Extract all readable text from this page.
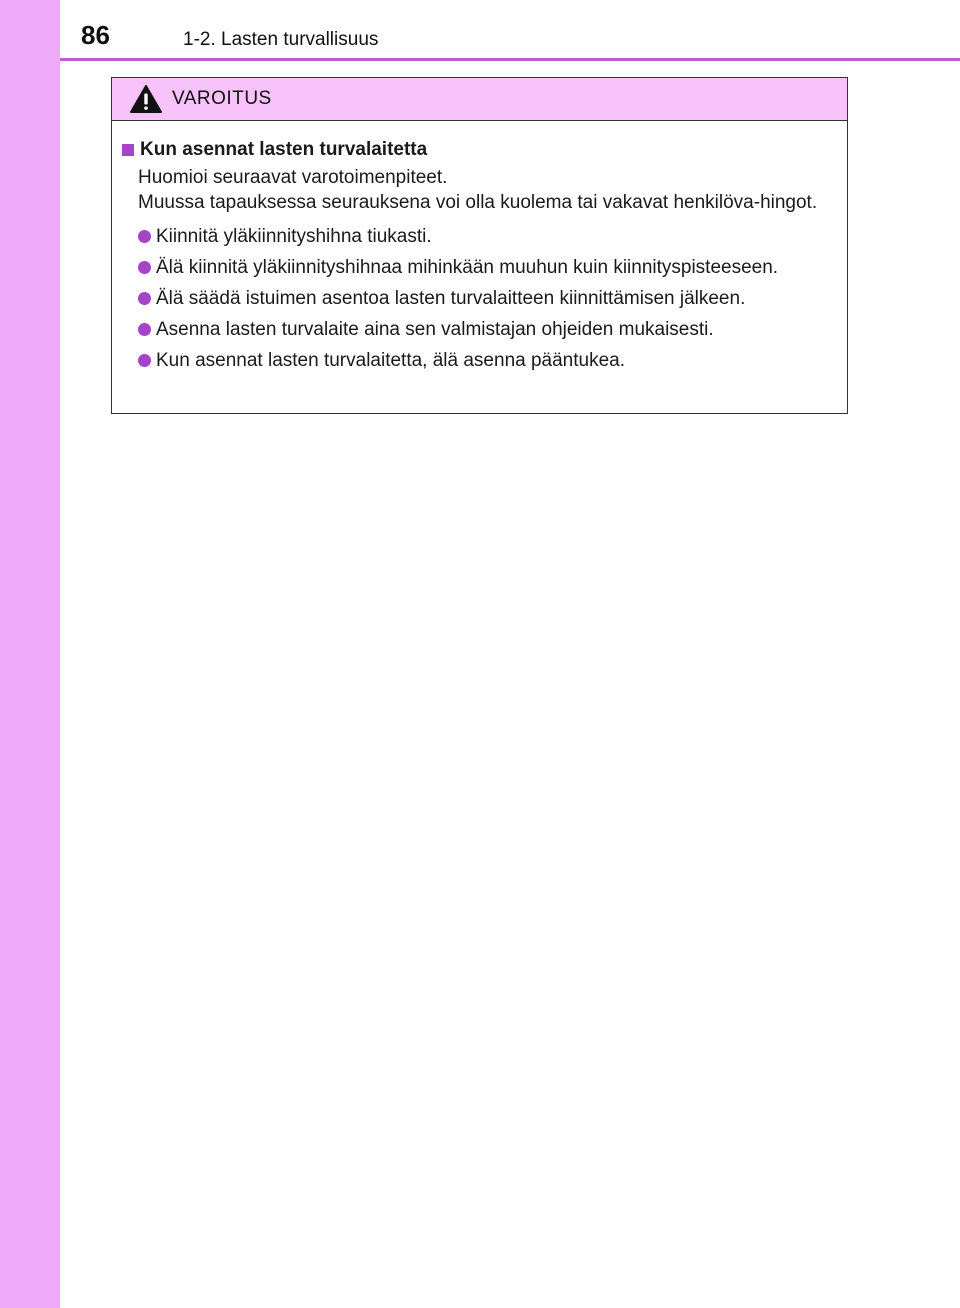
86	1-2. Lasten turvallisuus
VAROITUS
Kun asennat lasten turvalaitetta

Huomioi seuraavat varotoimenpiteet.
Muussa tapauksessa seurauksena voi olla kuolema tai vakavat henkilöva-hingot.

Kiinnitä yläkiinnityshihna tiukasti.
Älä kiinnitä yläkiinnityshihnaa mihinkään muuhun kuin kiinnityspisteeseen.
Älä säädä istuimen asentoa lasten turvalaitteen kiinnittämisen jälkeen.
Asenna lasten turvalaite aina sen valmistajan ohjeiden mukaisesti.
Kun asennat lasten turvalaitetta, älä asenna pääntukea.
